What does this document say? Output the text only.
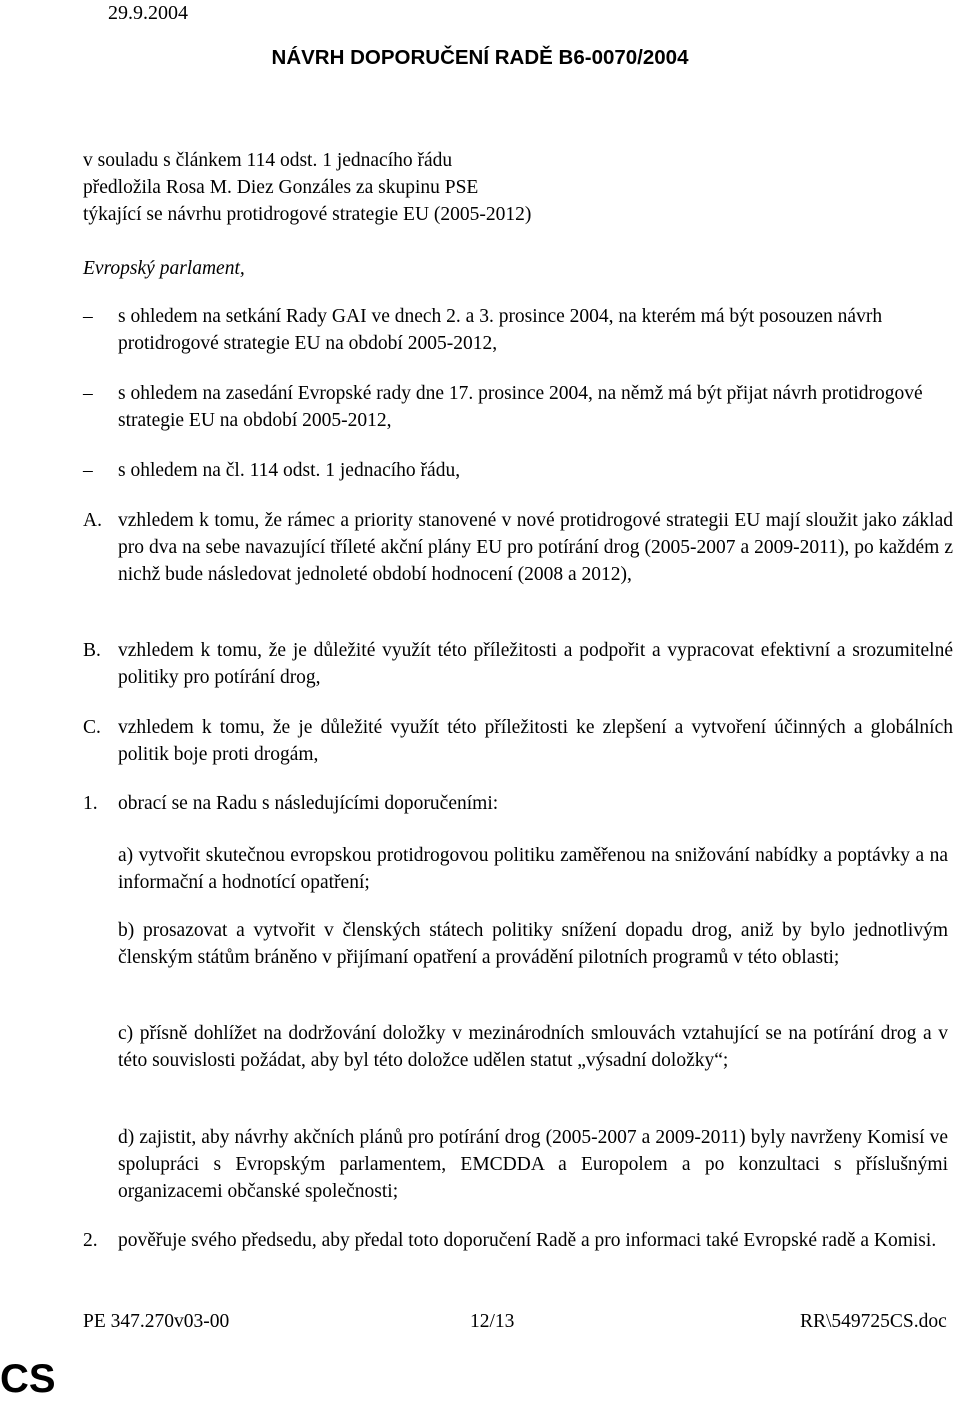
29.9.2004
NÁVRH DOPORUČENÍ RADĚ B6-0070/2004
v souladu s článkem 114 odst. 1 jednacího řádu
předložila Rosa M. Diez Gonzáles za skupinu PSE
týkající se návrhu protidrogové strategie EU (2005-2012)
Evropský parlament,
–	s ohledem na setkání Rady GAI ve dnech 2. a 3. prosince 2004, na kterém má být posouzen návrh protidrogové strategie EU na období 2005-2012,
–	s ohledem na zasedání Evropské rady dne 17. prosince 2004, na němž má být přijat návrh protidrogové strategie EU na období 2005-2012,
–	s ohledem na čl. 114 odst. 1 jednacího řádu,
A. vzhledem k tomu, že rámec a priority stanovené v nové protidrogové strategii EU mají sloužit jako základ pro dva na sebe navazující tříleté akční plány EU pro potírání drog (2005-2007 a 2009-2011), po každém z nichž bude následovat jednoleté období hodnocení (2008 a 2012),
B. vzhledem k tomu, že je důležité využít této příležitosti a podpořit a vypracovat efektivní a srozumitelné politiky pro potírání drog,
C. vzhledem k tomu, že je důležité využít této příležitosti ke zlepšení a vytvoření účinných a globálních politik boje proti drogám,
1. obrací se na Radu s následujícími doporučeními:
a) vytvořit skutečnou evropskou protidrogovou politiku zaměřenou na snižování nabídky a poptávky a na informační a hodnotící opatření;
b) prosazovat a vytvořit v členských státech politiky snížení dopadu drog, aniž by bylo jednotlivým členským státům bráněno v přijímaní opatření a provádění pilotních programů v této oblasti;
c) přísně dohlížet na dodržování doložky v mezinárodních smlouvách vztahující se na potírání drog a v této souvislosti požádat, aby byl této doložce udělen statut „výsadní doložky“;
d) zajistit, aby návrhy akčních plánů pro potírání drog (2005-2007 a 2009-2011) byly navrženy Komisí ve spolupráci s Evropským parlamentem, EMCDDA a Europolem a po konzultaci s příslušnými organizacemi občanské společnosti;
2. pověřuje svého předsedu, aby předal toto doporučení Radě a pro informaci také Evropské radě a Komisi.
PE 347.270v03-00	12/13	RR\549725CS.doc
CS
